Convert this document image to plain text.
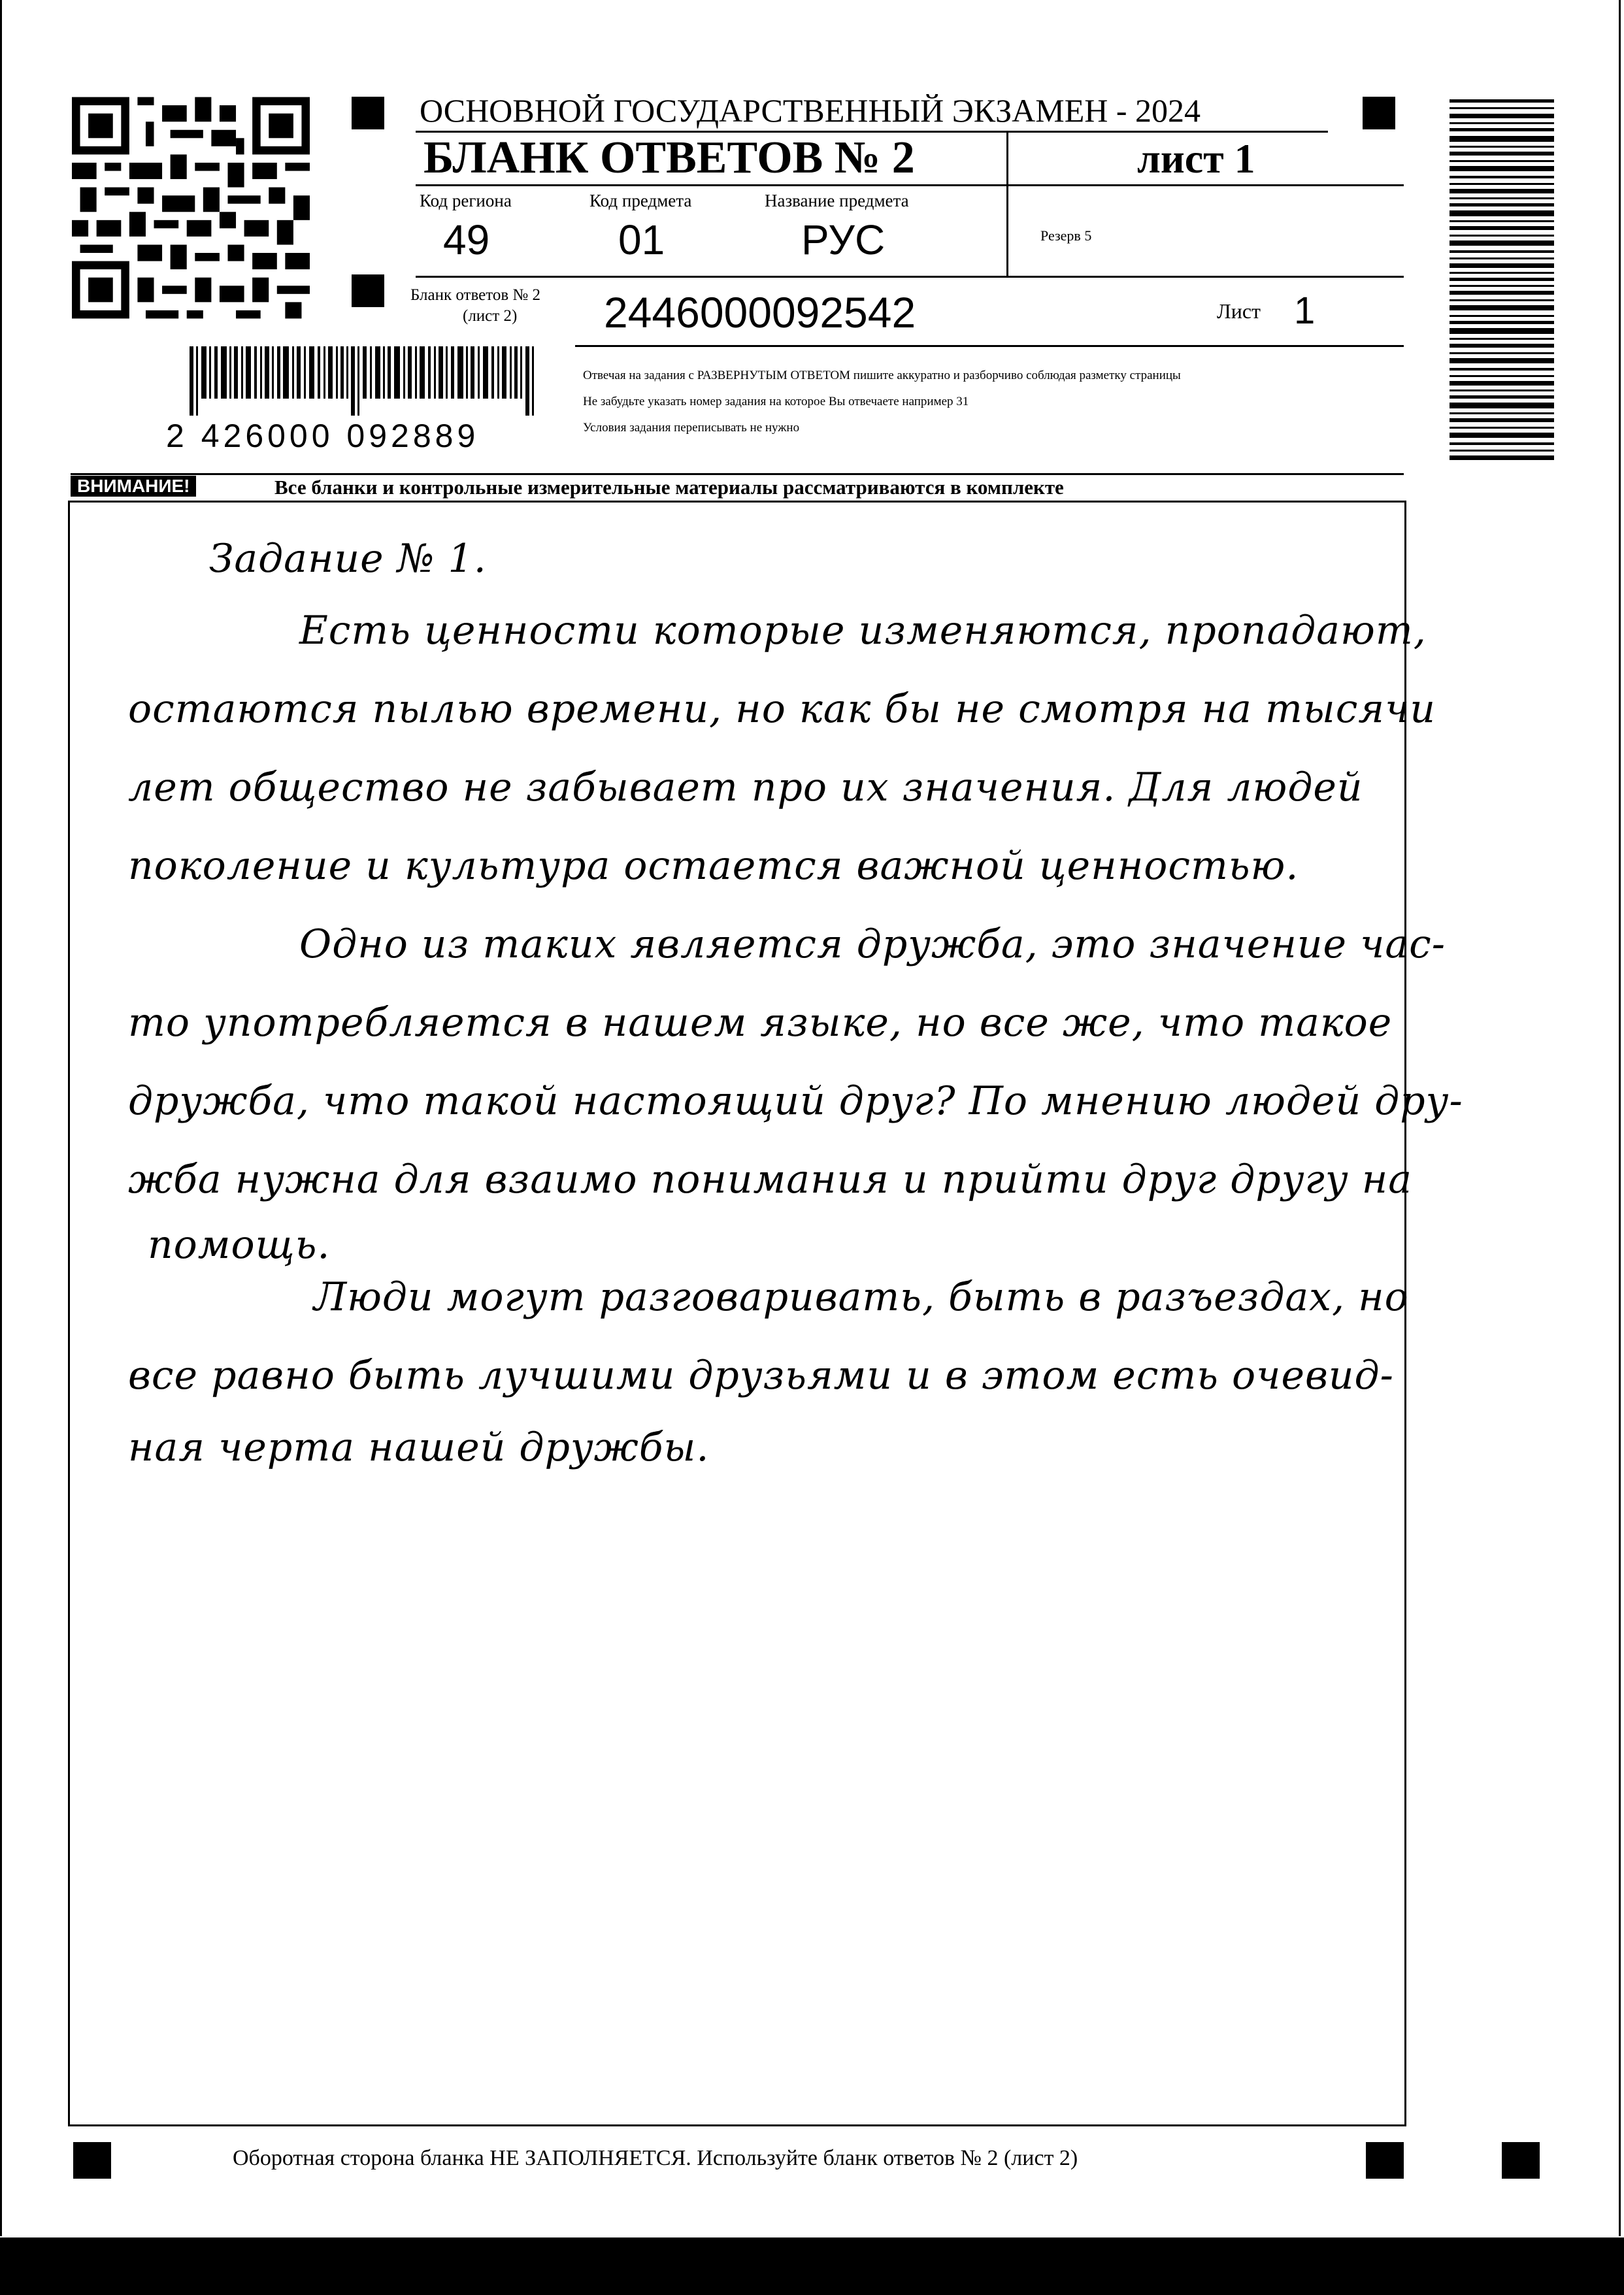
ОСНОВНОЙ ГОСУДАРСТВЕННЫЙ ЭКЗАМЕН - 2024
БЛАНК ОТВЕТОВ № 2	лист 1
Код региона
49
Код предмета
01
Название предмета
РУС	Резерв 5
Бланк ответов № 2
(лист 2) 2446000092542	Лист 1
Отвечая на задания с РАЗВЕРНУТЫМ ОТВЕТОМ пишите аккуратно и разборчиво соблюдая разметку страницы
Не забудьте указать номер задания на которое Вы отвечаете например 31
Условия задания переписывать не нужно
2 426000 092889
ВНИМАНИЕ!	Все бланки и контрольные измерительные материалы рассматриваются в комплекте
Задание № 1.
Есть ценности которые изменяются, пропадают,
остаются пылью времени, но как бы не смотря на тысячи
лет общество не забывает про их значения. Для людей
поколение и культура остается важной ценностью.
Одно из таких является дружба, это значение час-
то употребляется в нашем языке, но все же, что такое
дружба, что такой настоящий друг? По мнению людей дру-
жба нужна для взаимо понимания и прийти друг другу на
помощь.
Люди могут разговаривать, быть в разъездах, но
все равно быть лучшими друзьями и в этом есть очевид-
ная черта нашей дружбы.
Оборотная сторона бланка НЕ ЗАПОЛНЯЕТСЯ. Используйте бланк ответов № 2 (лист 2)
